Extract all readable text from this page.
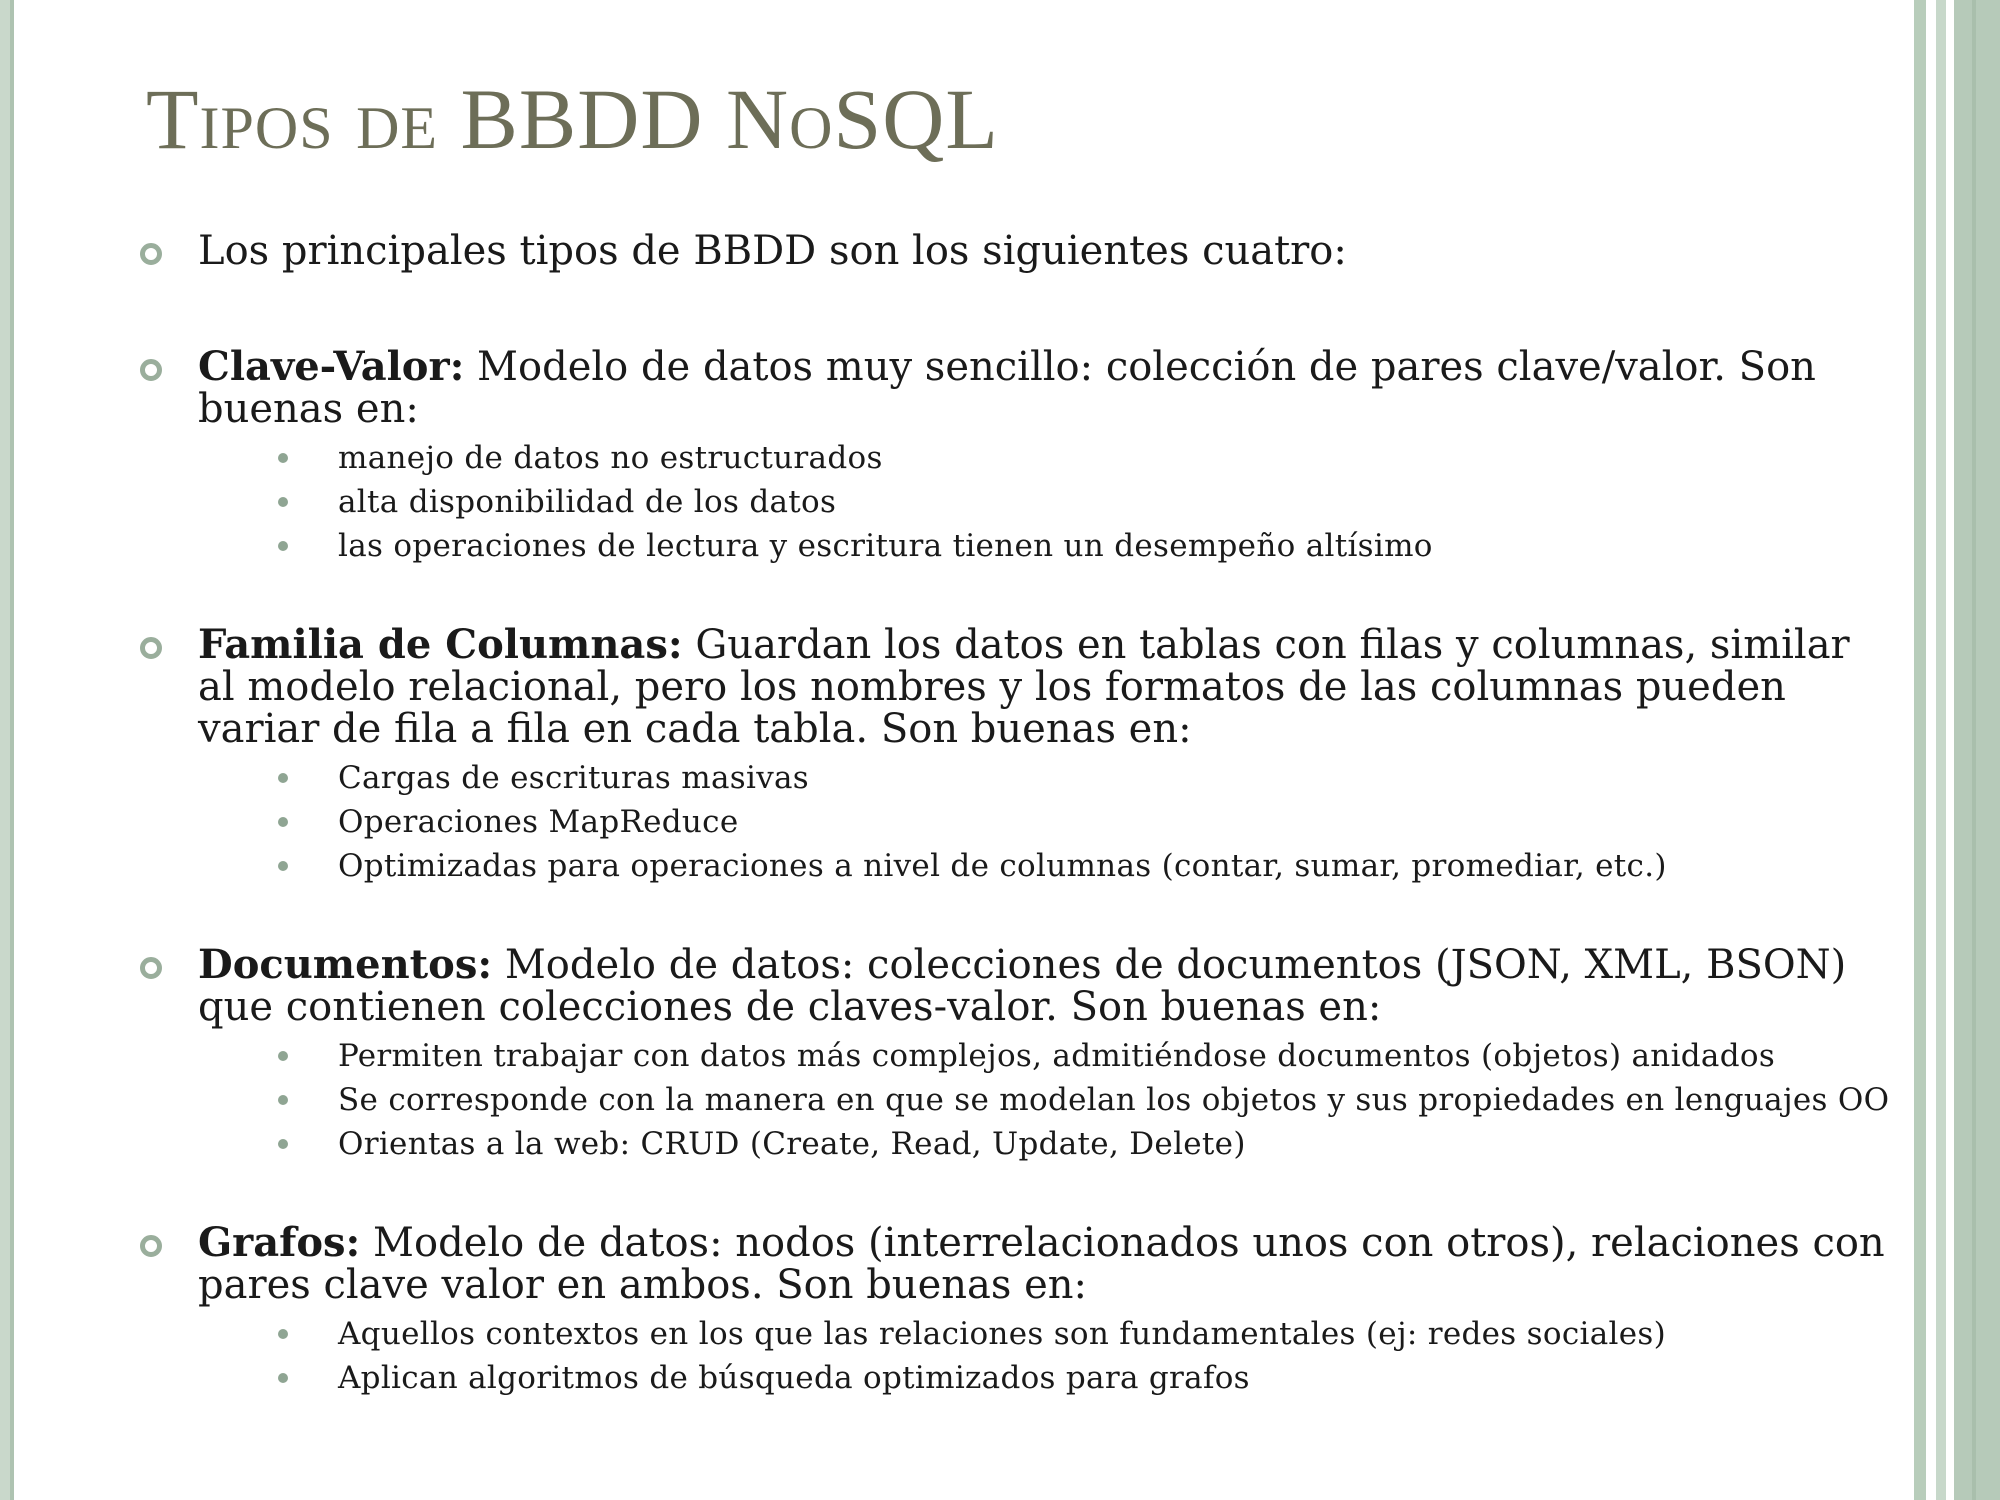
Tipos de BBDD NoSQL
Los principales tipos de BBDD son los siguientes cuatro:
Clave-Valor: Modelo de datos muy sencillo: colección de pares clave/valor. Son buenas en:
manejo de datos no estructurados
alta disponibilidad de los datos
las operaciones de lectura y escritura tienen un desempeño altísimo
Familia de Columnas: Guardan los datos en tablas con filas y columnas, similar al modelo relacional, pero los nombres y los formatos de las columnas pueden variar de fila a fila en cada tabla. Son buenas en:
Cargas de escrituras masivas
Operaciones MapReduce
Optimizadas para operaciones a nivel de columnas (contar, sumar, promediar, etc.)
Documentos: Modelo de datos: colecciones de documentos (JSON, XML, BSON) que contienen colecciones de claves-valor. Son buenas en:
Permiten trabajar con datos más complejos, admitiéndose documentos (objetos) anidados
Se corresponde con la manera en que se modelan los objetos y sus propiedades en lenguajes OO
Orientas a la web: CRUD (Create, Read, Update, Delete)
Grafos: Modelo de datos: nodos (interrelacionados unos con otros), relaciones con pares clave valor en ambos. Son buenas en:
Aquellos contextos en los que las relaciones son fundamentales (ej: redes sociales)
Aplican algoritmos de búsqueda optimizados para grafos
